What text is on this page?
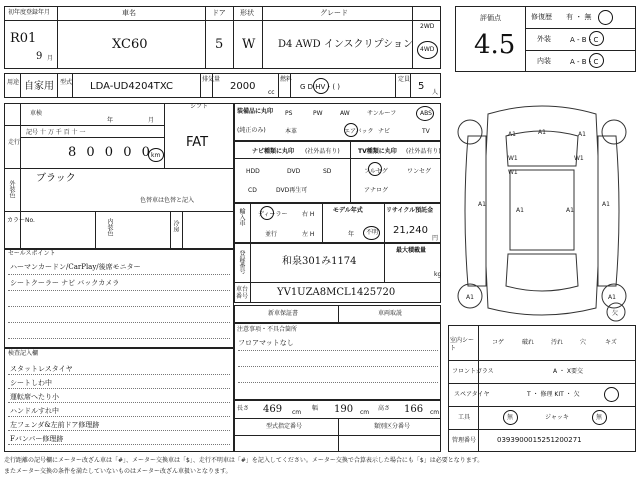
初年度登録年月
R01
9 月
車名
XC60
ドア
5
形状
W
グレード
D4 AWD インスクリプション
2WD
4WD
用途 自家用 型式 LDA-UD4204TXC
排気量
2000
cc
燃料
G D HV・( )
定員
5
人
評価点
4.5
修復歴 有 ・ 無
外装	A - B - C
内装	A - B - C
車検
年	月
シフト
FAT
走行
記号 十 万 千 百 十 一
8 0 0 0 0
km
外装色
ブラック
色替車は色替と記入
カラーNo.	内装色	冷房
装備品に丸印
(純正のみ)
PS	PW	AW	サンルーフ	ABS
本革	エアバック ナビ	TV
ナビ種類に丸印 (社外品有り)
HDD	DVD	SD
CD	DVD再生可
TV種類に丸印 (社外品有り)
フルセグ	ワンセグ
アナログ
輸入車 ディーラー
並行
右 H
左 H
モデル年式
年 不明
リサイクル預託金
21,240
円
登録番号	和泉301み1174
最大積載量
kg
車台番号	YV1UZA8MCL1425720
新車保証書	車両取説
セールスポイント
ハーマンカードン/CarPlay/後席モニター
シートクーラー ナビ バックカメラ
注意事項・不具合箇所
フロアマットなし
検査記入欄
スタットレスタイヤ
シートしわ中
運転席へたり小
ハンドルすれ中
左フェンダ&左前ドア修理跡
Fバンパー修理跡
長さ 469 cm
幅 190 cm
高さ 166 cm
型式指定番号	類別区分番号
A1
A1	A1
W1
W1
W1
A1	A1
A1	A1
A1	A1
欠
室内シート
コゲ	破れ	汚れ	穴	キズ
フロントガラス	A ・ X要交
スペアタイヤ	T ・ 修理 KIT ・ 欠
工具	無	ジャッキ	無
管理番号	0393900015251200271
走行距離の記号欄にメーター改ざん車は「#」、メーター交換車は「$」、走行不明車は「#」を記入してください。メーター交換で合算表示した場合にも「$」は必要となります。
またメーター交換の条件を満たしていないものはメーター改ざん車扱いとなります。
